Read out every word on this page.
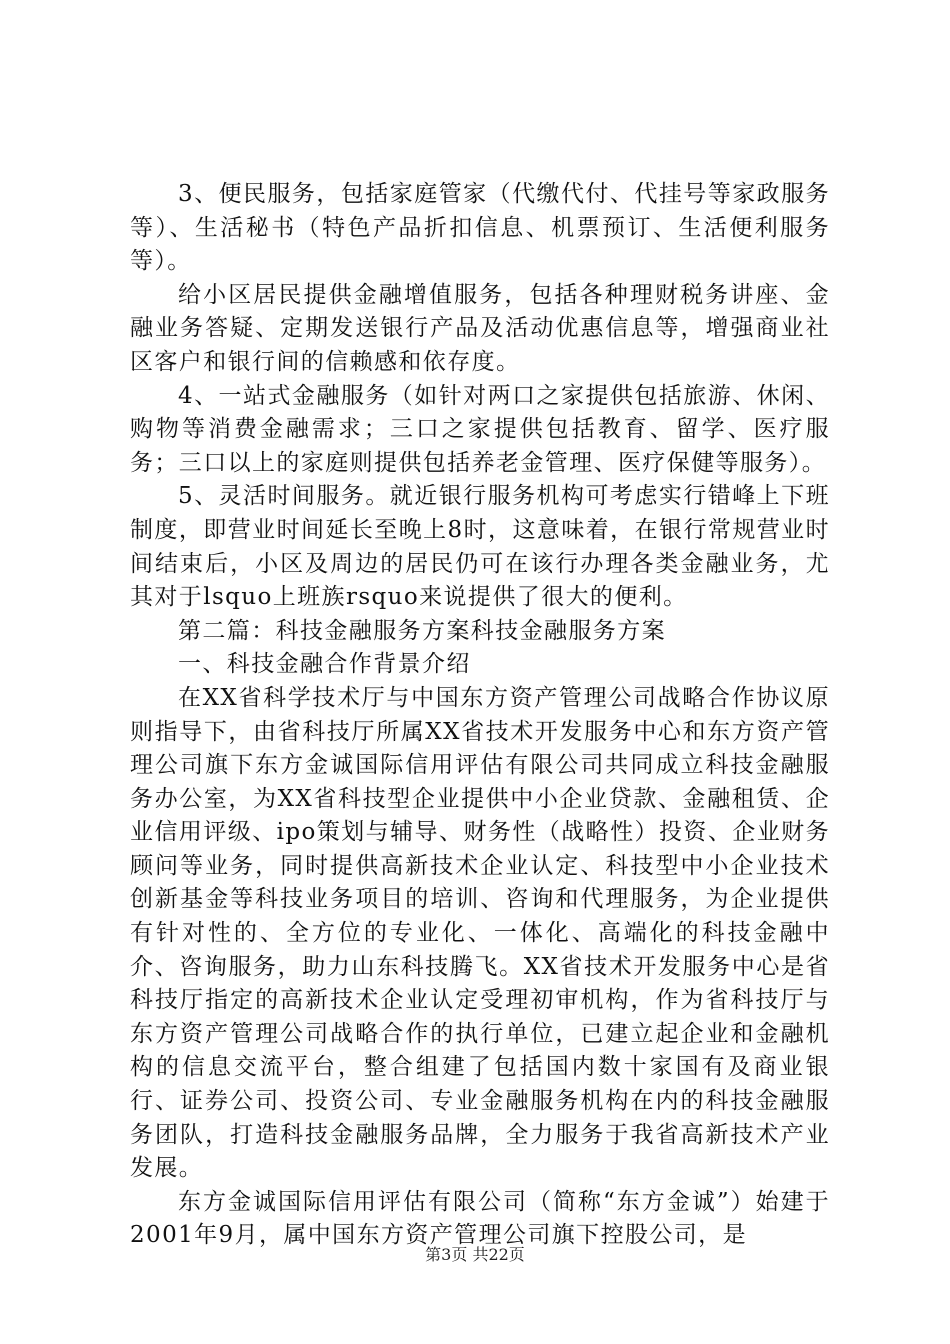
3、便民服务，包括家庭管家（代缴代付、代挂号等家政服务等）、生活秘书（特色产品折扣信息、机票预订、生活便利服务等）。

给小区居民提供金融增值服务，包括各种理财税务讲座、金融业务答疑、定期发送银行产品及活动优惠信息等，增强商业社区客户和银行间的信赖感和依存度。

4、一站式金融服务（如针对两口之家提供包括旅游、休闲、购物等消费金融需求；三口之家提供包括教育、留学、医疗服务；三口以上的家庭则提供包括养老金管理、医疗保健等服务）。

5、灵活时间服务。就近银行服务机构可考虑实行错峰上下班制度，即营业时间延长至晚上8时，这意味着，在银行常规营业时间结束后，小区及周边的居民仍可在该行办理各类金融业务，尤其对于lsquo上班族rsquo来说提供了很大的便利。

第二篇：科技金融服务方案科技金融服务方案

一、科技金融合作背景介绍

在XX省科学技术厅与中国东方资产管理公司战略合作协议原则指导下，由省科技厅所属XX省技术开发服务中心和东方资产管理公司旗下东方金诚国际信用评估有限公司共同成立科技金融服务办公室，为XX省科技型企业提供中小企业贷款、金融租赁、企业信用评级、ipo策划与辅导、财务性（战略性）投资、企业财务顾问等业务，同时提供高新技术企业认定、科技型中小企业技术创新基金等科技业务项目的培训、咨询和代理服务，为企业提供有针对性的、全方位的专业化、一体化、高端化的科技金融中介、咨询服务，助力山东科技腾飞。XX省技术开发服务中心是省科技厅指定的高新技术企业认定受理初审机构，作为省科技厅与东方资产管理公司战略合作的执行单位，已建立起企业和金融机构的信息交流平台，整合组建了包括国内数十家国有及商业银行、证券公司、投资公司、专业金融服务机构在内的科技金融服务团队，打造科技金融服务品牌，全力服务于我省高新技术产业发展。

东方金诚国际信用评估有限公司（简称“东方金诚”）始建于2001年9月，属中国东方资产管理公司旗下控股公司，是

第3页 共22页
